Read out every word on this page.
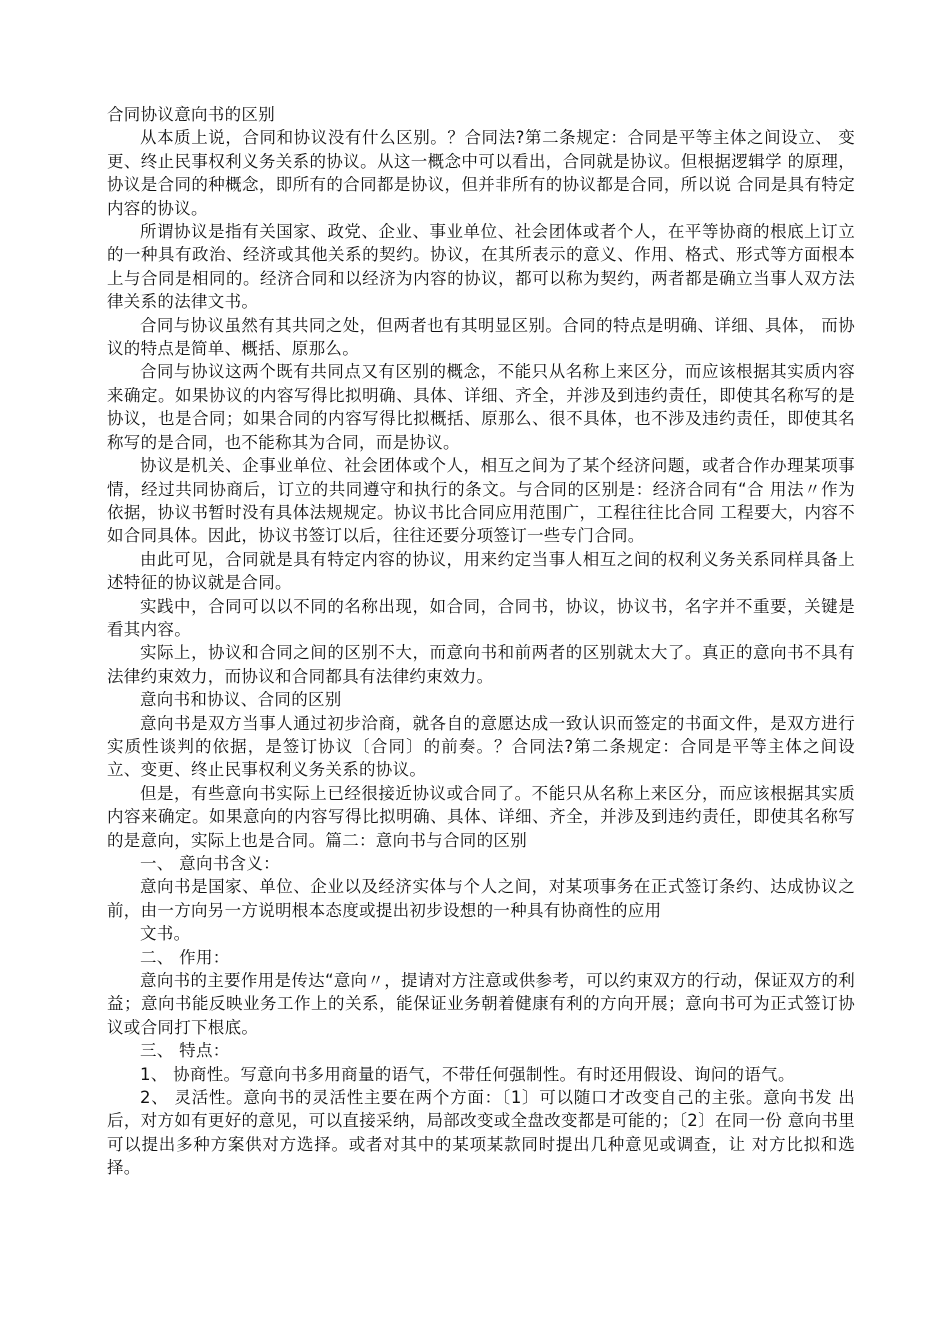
合同协议意向书的区别

从本质上说，合同和协议没有什么区别。？合同法?第二条规定：合同是平等主体之间设立、 变更、终止民事权利义务关系的协议。从这一概念中可以看出，合同就是协议。但根据逻辑学 的原理，协议是合同的种概念，即所有的合同都是协议，但并非所有的协议都是合同，所以说 合同是具有特定内容的协议。

所谓协议是指有关国家、政党、企业、事业单位、社会团体或者个人，在平等协商的根底上订立的一种具有政治、经济或其他关系的契约。协议，在其所表示的意义、作用、格式、形式等方面根本上与合同是相同的。经济合同和以经济为内容的协议，都可以称为契约，两者都是确立当事人双方法律关系的法律文书。

合同与协议虽然有其共同之处，但两者也有其明显区别。合同的特点是明确、详细、具体， 而协议的特点是简单、概括、原那么。

合同与协议这两个既有共同点又有区别的概念，不能只从名称上来区分，而应该根据其实质内容来确定。如果协议的内容写得比拟明确、具体、详细、齐全，并涉及到违约责任，即使其名称写的是协议，也是合同；如果合同的内容写得比拟概括、原那么、很不具体，也不涉及违约责任，即使其名称写的是合同，也不能称其为合同，而是协议。

协议是机关、企事业单位、社会团体或个人，相互之间为了某个经济问题，或者合作办理某项事情，经过共同协商后，订立的共同遵守和执行的条文。与合同的区别是：经济合同有“合 用法〃作为依据，协议书暂时没有具体法规规定。协议书比合同应用范围广，工程往往比合同 工程要大，内容不如合同具体。因此，协议书签订以后，往往还要分项签订一些专门合同。

由此可见，合同就是具有特定内容的协议，用来约定当事人相互之间的权利义务关系同样具备上述特征的协议就是合同。

实践中，合同可以以不同的名称出现，如合同，合同书，协议，协议书，名字并不重要，关键是看其内容。

实际上，协议和合同之间的区别不大，而意向书和前两者的区别就太大了。真正的意向书不具有法律约束效力，而协议和合同都具有法律约束效力。

意向书和协议、合同的区别

意向书是双方当事人通过初步洽商，就各自的意愿达成一致认识而签定的书面文件，是双方进行实质性谈判的依据，是签订协议〔合同〕的前奏。？合同法?第二条规定：合同是平等主体之间设立、变更、终止民事权利义务关系的协议。

但是，有些意向书实际上已经很接近协议或合同了。不能只从名称上来区分，而应该根据其实质内容来确定。如果意向的内容写得比拟明确、具体、详细、齐全，并涉及到违约责任，即使其名称写的是意向，实际上也是合同。篇二：意向书与合同的区别

一、 意向书含义：

意向书是国家、单位、企业以及经济实体与个人之间，对某项事务在正式签订条约、达成协议之前，由一方向另一方说明根本态度或提出初步设想的一种具有协商性的应用

文书。

二、 作用：

意向书的主要作用是传达“意向〃，提请对方注意或供参考，可以约束双方的行动，保证双方的利益；意向书能反映业务工作上的关系，能保证业务朝着健康有利的方向开展；意向书可为正式签订协议或合同打下根底。

三、 特点：

1、 协商性。写意向书多用商量的语气，不带任何强制性。有时还用假设、询问的语气。

2、 灵活性。意向书的灵活性主要在两个方面：〔1〕可以随口才改变自己的主张。意向书发 出后，对方如有更好的意见，可以直接采纳，局部改变或全盘改变都是可能的；〔2〕在同一份 意向书里可以提出多种方案供对方选择。或者对其中的某项某款同时提出几种意见或调查，让 对方比拟和选择。
